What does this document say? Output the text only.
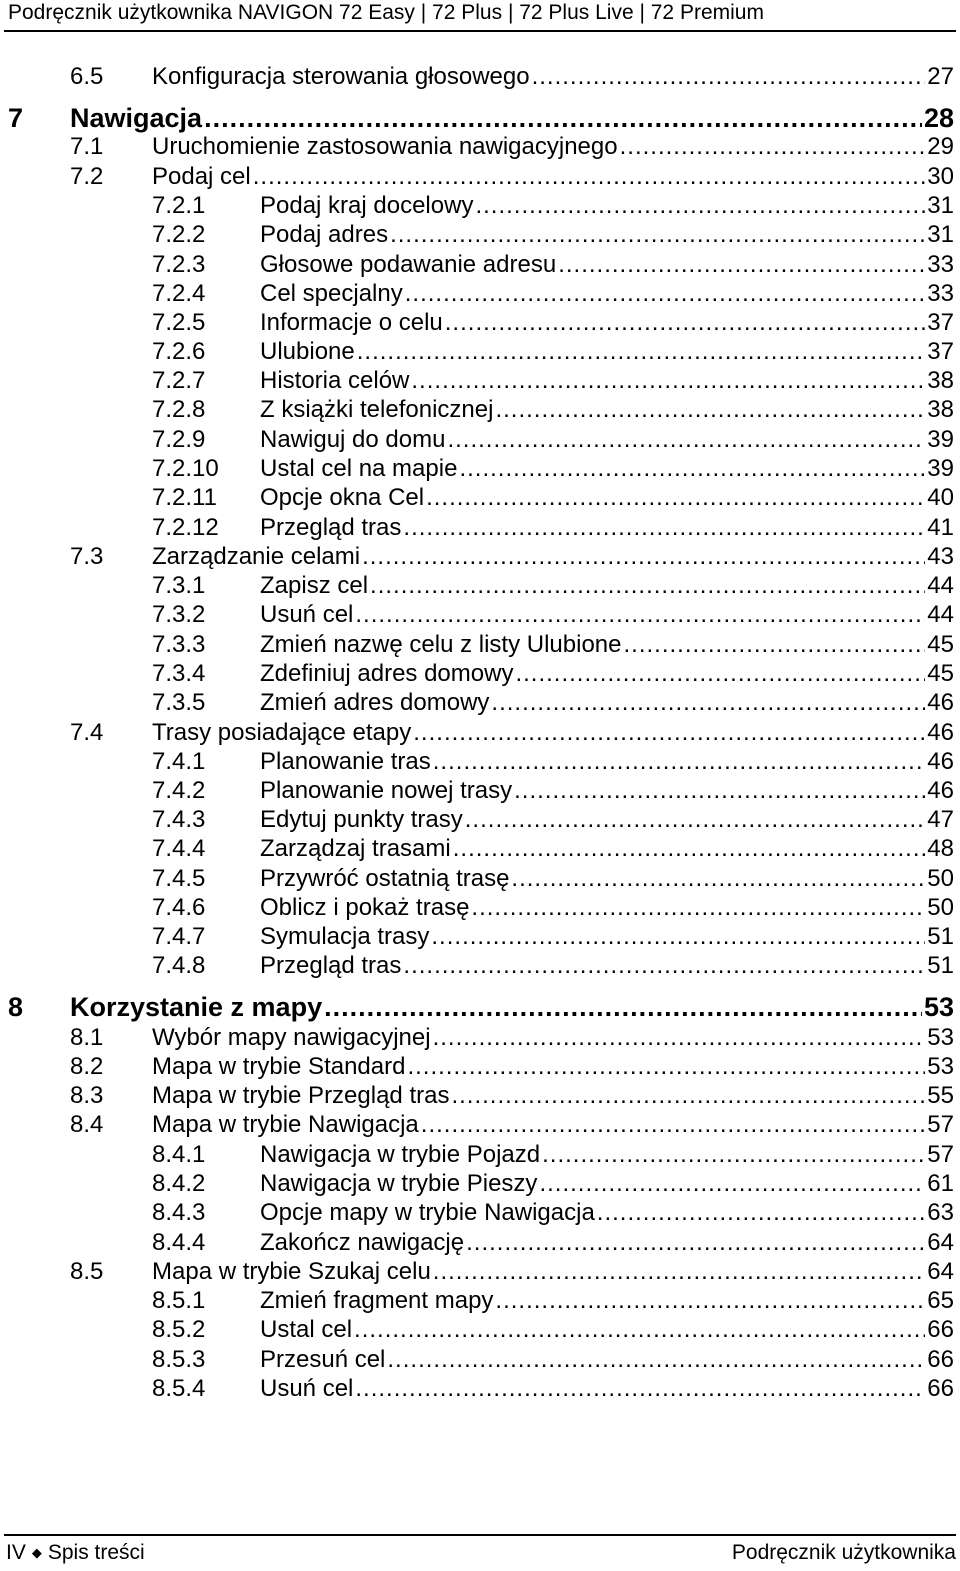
Podręcznik użytkownika NAVIGON 72 Easy | 72 Plus | 72 Plus Live | 72 Premium
6.5 Konfiguracja sterowania głosowego .....	27
7 Nawigacja .....	28
7.1 Uruchomienie zastosowania nawigacyjnego .....	29
7.2 Podaj cel .....	30
7.2.1 Podaj kraj docelowy .....	31
7.2.2 Podaj adres .....	31
7.2.3 Głosowe podawanie adresu .....	33
7.2.4 Cel specjalny .....	33
7.2.5 Informacje o celu .....	37
7.2.6 Ulubione .....	37
7.2.7 Historia celów .....	38
7.2.8 Z książki telefonicznej .....	38
7.2.9 Nawiguj do domu .....	39
7.2.10 Ustal cel na mapie .....	39
7.2.11 Opcje okna Cel .....	40
7.2.12 Przegląd tras .....	41
7.3 Zarządzanie celami .....	43
7.3.1 Zapisz cel .....	44
7.3.2 Usuń cel .....	44
7.3.3 Zmień nazwę celu z listy Ulubione .....	45
7.3.4 Zdefiniuj adres domowy .....	45
7.3.5 Zmień adres domowy .....	46
7.4 Trasy posiadające etapy .....	46
7.4.1 Planowanie tras .....	46
7.4.2 Planowanie nowej trasy .....	46
7.4.3 Edytuj punkty trasy .....	47
7.4.4 Zarządzaj trasami .....	48
7.4.5 Przywróć ostatnią trasę .....	50
7.4.6 Oblicz i pokaż trasę .....	50
7.4.7 Symulacja trasy .....	51
7.4.8 Przegląd tras .....	51
8 Korzystanie z mapy .....	53
8.1 Wybór mapy nawigacyjnej .....	53
8.2 Mapa w trybie Standard .....	53
8.3 Mapa w trybie Przegląd tras .....	55
8.4 Mapa w trybie Nawigacja .....	57
8.4.1 Nawigacja w trybie Pojazd .....	57
8.4.2 Nawigacja w trybie Pieszy .....	61
8.4.3 Opcje mapy w trybie Nawigacja .....	63
8.4.4 Zakończ nawigację .....	64
8.5 Mapa w trybie Szukaj celu .....	64
8.5.1 Zmień fragment mapy .....	65
8.5.2 Ustal cel .....	66
8.5.3 Przesuń cel .....	66
8.5.4 Usuń cel .....	66
IV ◆ Spis treści	Podręcznik użytkownika
